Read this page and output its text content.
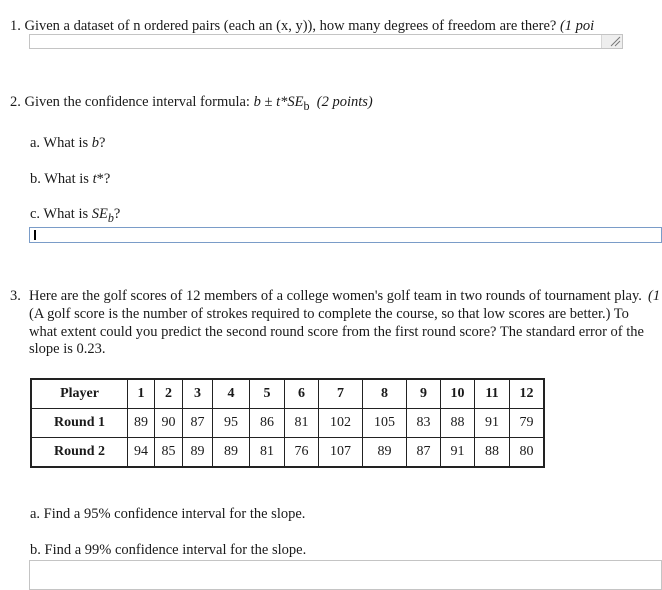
1. Given a dataset of n ordered pairs (each an (x, y)), how many degrees of freedom are there? (1 poi
2. Given the confidence interval formula: $b \pm t*SE_b$ (2 points)
a. What is b?
b. What is t*?
c. What is $SE_b$?
3. Here are the golf scores of 12 members of a college women's golf team in two rounds of tournament play. (A golf score is the number of strokes required to complete the course, so that low scores are better.) To what extent could you predict the second round score from the first round score? The standard error of the slope is 0.23.
(1
Player	1	2	3	4	5	6	7	8	9	10	11	12
Round 1	89	90	87	95	86	81	102	105	83	88	91	79
Round 2	94	85	89	89	81	76	107	89	87	91	88	80
a. Find a 95% confidence interval for the slope.
b. Find a 99% confidence interval for the slope.
